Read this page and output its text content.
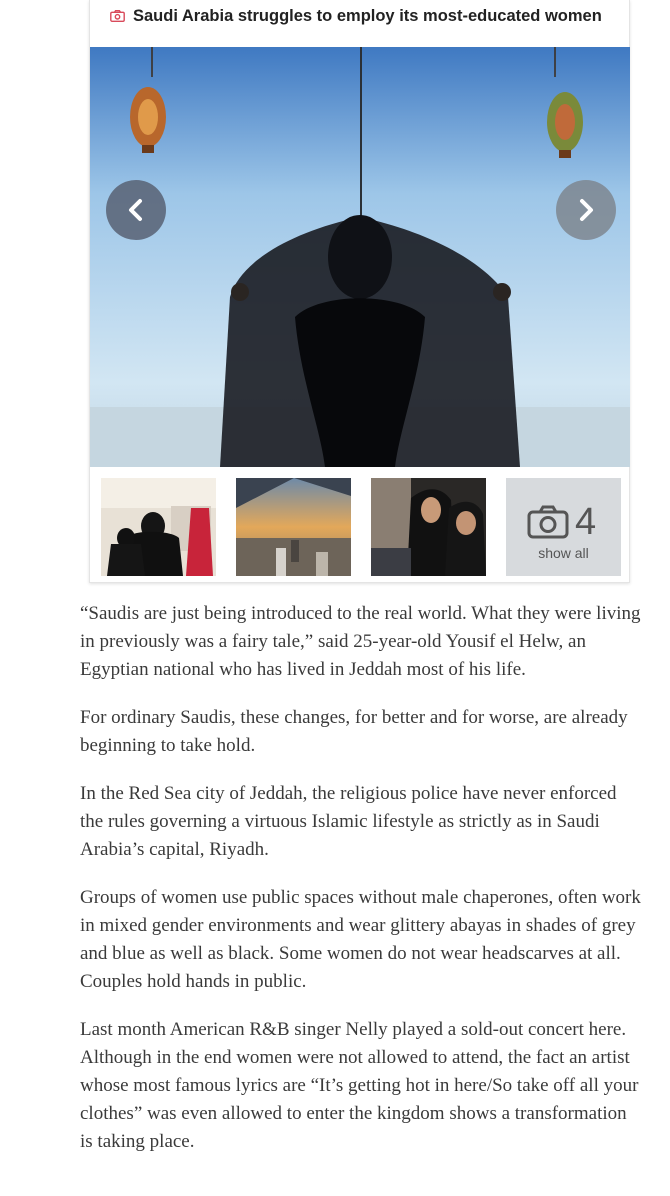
Saudi Arabia struggles to employ its most-educated women
4
show all

“Saudis are just being introduced to the real world. What they were living in previously was a fairy tale,” said 25-year-old Yousif el Helw, an Egyptian national who has lived in Jeddah most of his life.

For ordinary Saudis, these changes, for better and for worse, are already beginning to take hold.

In the Red Sea city of Jeddah, the religious police have never enforced the rules governing a virtuous Islamic lifestyle as strictly as in Saudi Arabia’s capital, Riyadh.

Groups of women use public spaces without male chaperones, often work in mixed gender environments and wear glittery abayas in shades of grey and blue as well as black. Some women do not wear headscarves at all. Couples hold hands in public.

Last month American R&B singer Nelly played a sold-out concert here. Although in the end women were not allowed to attend, the fact an artist whose most famous lyrics are “It’s getting hot in here/So take off all your clothes” was even allowed to enter the kingdom shows a transformation is taking place.
